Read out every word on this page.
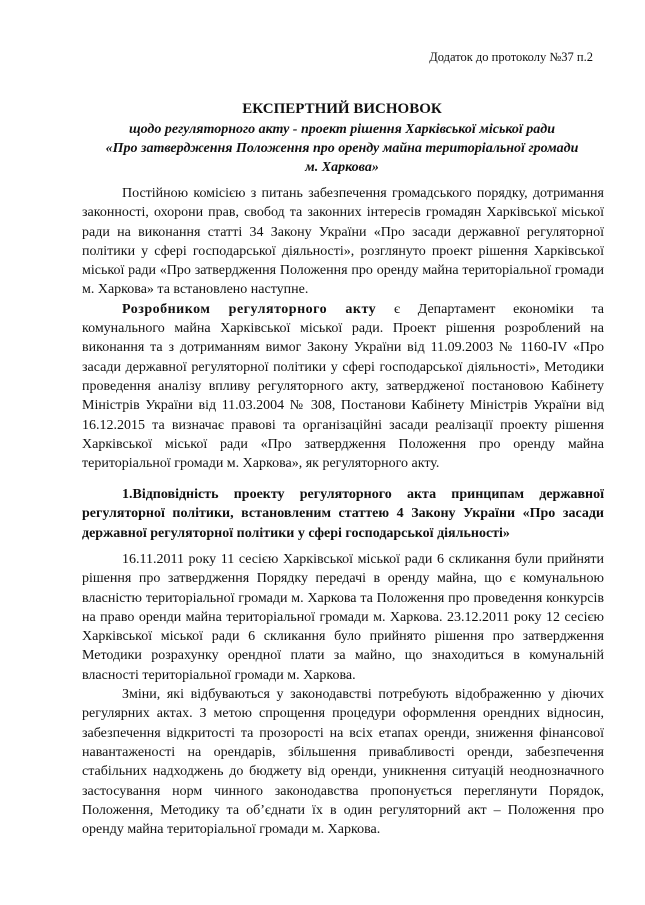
Додаток до протоколу №37 п.2
ЕКСПЕРТНИЙ ВИСНОВОК
щодо регуляторного акту - проект рішення Харківської міської ради
«Про затвердження Положення про оренду майна територіальної громади
м. Харкова»

Постійною комісією з питань забезпечення громадського порядку, дотримання законності, охорони прав, свобод та законних інтересів громадян Харківської міської ради на виконання статті 34 Закону України «Про засади державної регуляторної політики у сфері господарської діяльності», розглянуто проект рішення Харківської міської ради «Про затвердження Положення про оренду майна територіальної громади м. Харкова» та встановлено наступне.

Розробником регуляторного акту є Департамент економіки та комунального майна Харківської міської ради. Проект рішення розроблений на виконання та з дотриманням вимог Закону України від 11.09.2003 № 1160-IV «Про засади державної регуляторної політики у сфері господарської діяльності», Методики проведення аналізу впливу регуляторного акту, затвердженої постановою Кабінету Міністрів України від 11.03.2004 № 308, Постанови Кабінету Міністрів України від 16.12.2015 та визначає правові та організаційні засади реалізації проекту рішення Харківської міської ради «Про затвердження Положення про оренду майна територіальної громади м. Харкова», як регуляторного акту.

1.Відповідність проекту регуляторного акта принципам державної регуляторної політики, встановленим статтею 4 Закону України «Про засади державної регуляторної політики у сфері господарської діяльності»

16.11.2011 року 11 сесією Харківської міської ради 6 скликання були прийняти рішення про затвердження Порядку передачі в оренду майна, що є комунальною власністю територіальної громади м. Харкова та Положення про проведення конкурсів на право оренди майна територіальної громади м. Харкова. 23.12.2011 року 12 сесією Харківської міської ради 6 скликання було прийнято рішення про затвердження Методики розрахунку орендної плати за майно, що знаходиться в комунальній власності територіальної громади м. Харкова.

Зміни, які відбуваються у законодавстві потребують відображенню у діючих регулярних актах. З метою спрощення процедури оформлення орендних відносин, забезпечення відкритості та прозорості на всіх етапах оренди, зниження фінансової навантаженості на орендарів, збільшення привабливості оренди, забезпечення стабільних надходжень до бюджету від оренди, уникнення ситуацій неоднозначного застосування норм чинного законодавства пропонується переглянути Порядок, Положення, Методику та об’єднати їх в один регуляторний акт – Положення про оренду майна територіальної громади м. Харкова.
